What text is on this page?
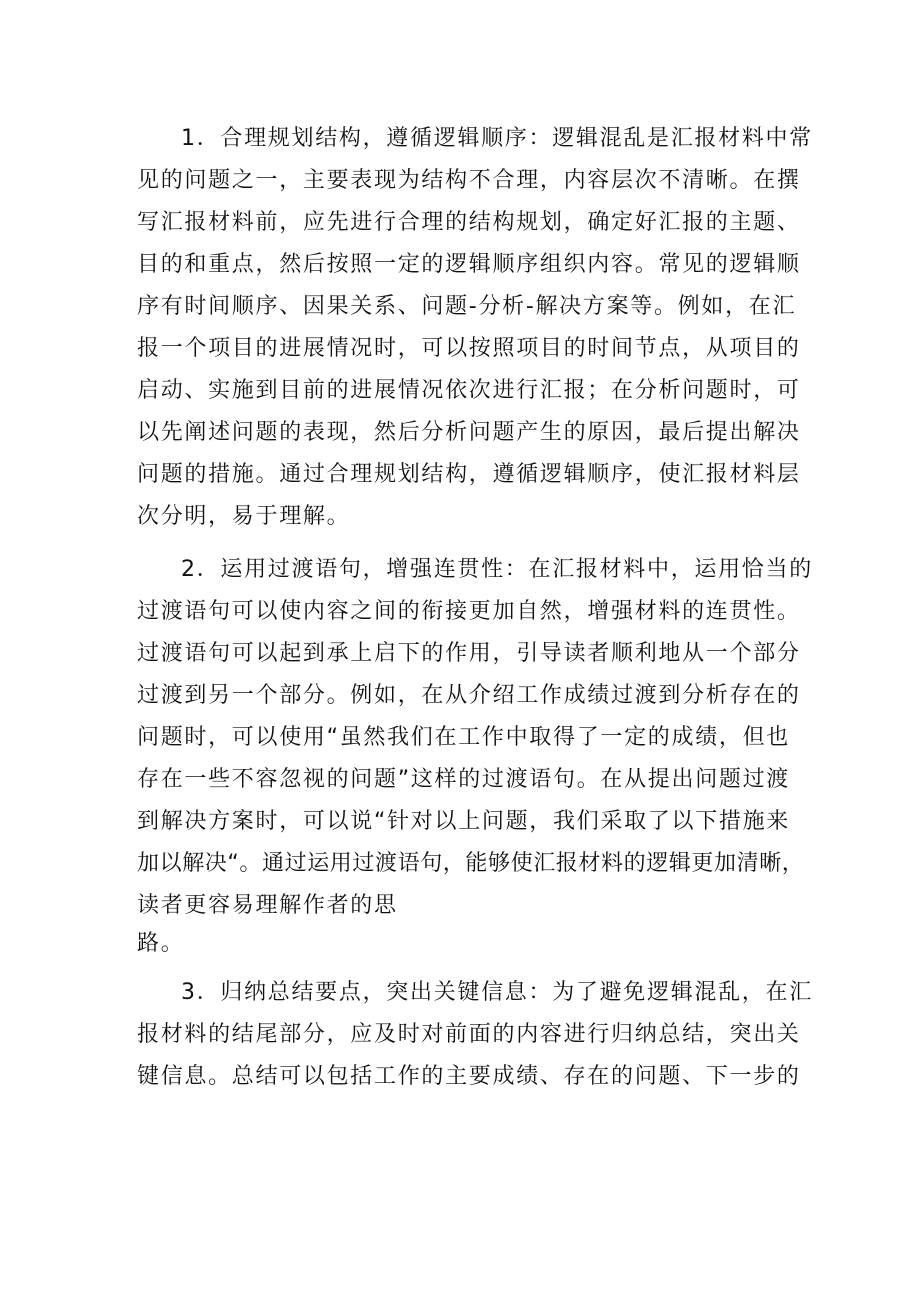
1．合理规划结构，遵循逻辑顺序：逻辑混乱是汇报材料中常
见的问题之一，主要表现为结构不合理，内容层次不清晰。在撰
写汇报材料前，应先进行合理的结构规划，确定好汇报的主题、
目的和重点，然后按照一定的逻辑顺序组织内容。常见的逻辑顺
序有时间顺序、因果关系、问题-分析-解决方案等。例如，在汇
报一个项目的进展情况时，可以按照项目的时间节点，从项目的
启动、实施到目前的进展情况依次进行汇报；在分析问题时，可
以先阐述问题的表现，然后分析问题产生的原因，最后提出解决
问题的措施。通过合理规划结构，遵循逻辑顺序，使汇报材料层
次分明，易于理解。

2．运用过渡语句，增强连贯性：在汇报材料中，运用恰当的
过渡语句可以使内容之间的衔接更加自然，增强材料的连贯性。
过渡语句可以起到承上启下的作用，引导读者顺利地从一个部分
过渡到另一个部分。例如，在从介绍工作成绩过渡到分析存在的
问题时，可以使用“虽然我们在工作中取得了一定的成绩，但也
存在一些不容忽视的问题”这样的过渡语句。在从提出问题过渡
到解决方案时，可以说“针对以上问题，我们采取了以下措施来
加以解决“。通过运用过渡语句，能够使汇报材料的逻辑更加清晰，
读者更容易理解作者的思
路。

3．归纳总结要点，突出关键信息：为了避免逻辑混乱，在汇
报材料的结尾部分，应及时对前面的内容进行归纳总结，突出关
键信息。总结可以包括工作的主要成绩、存在的问题、下一步的
